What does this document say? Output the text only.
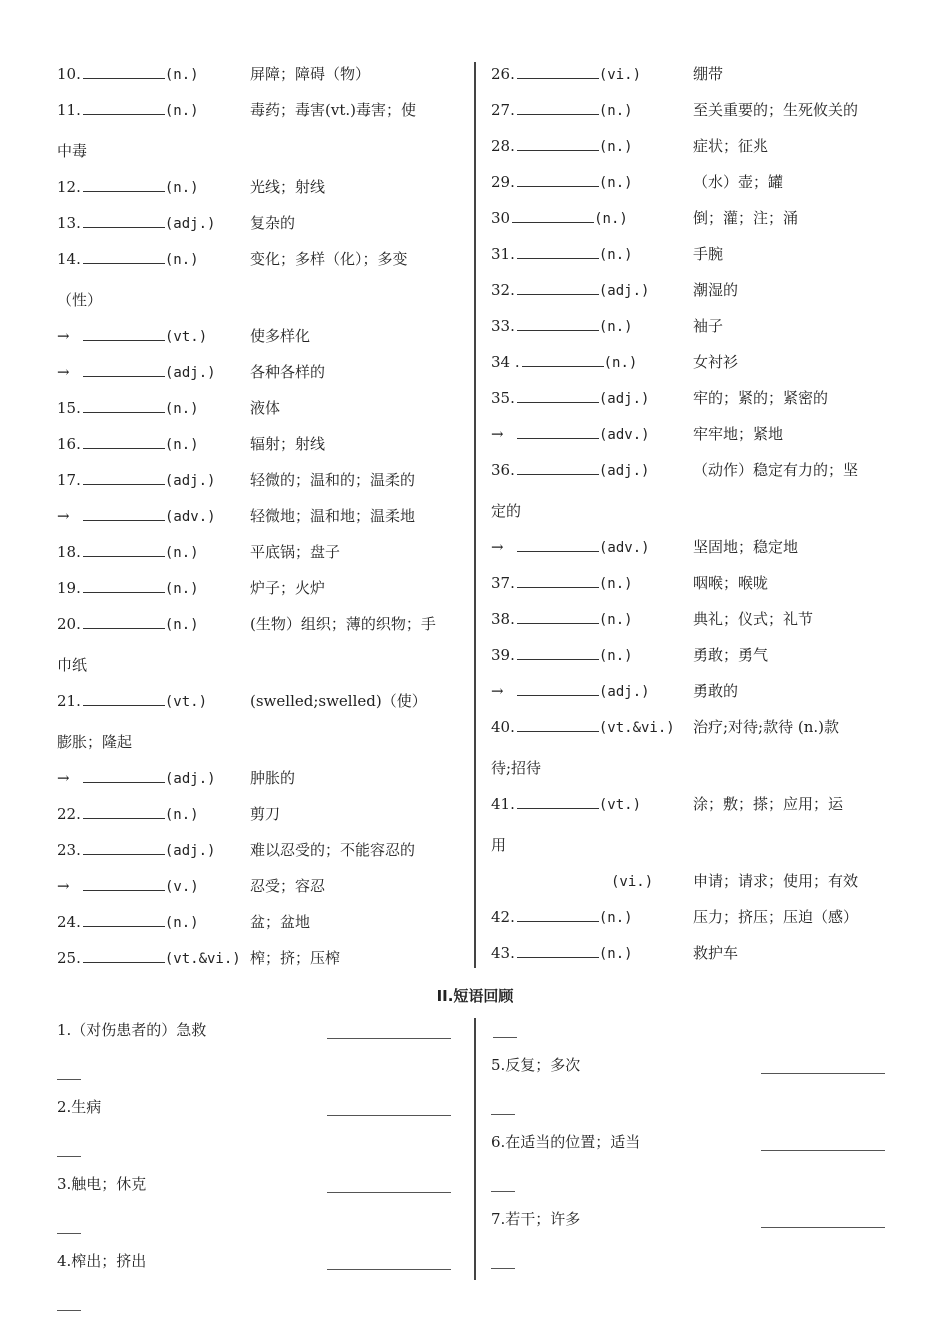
10.	(n.)	屏障；障碍（物）
11.	(n.)	毒药；毒害(vt.)毒害；使
中毒
12.	(n.)	光线；射线
13.	(adj.) 复杂的
14.	(n.)	变化；多样（化）；多变
（性）
→	(vt.)	使多样化
→	(adj.) 各种各样的
15.	(n.)	液体
16.	(n.)	辐射；射线
17.	(adj.) 轻微的；温和的；温柔的
→	(adv.) 轻微地；温和地；温柔地
18.	(n.)	平底锅；盘子
19.	(n.)	炉子；火炉
20.	(n.)	(生物）组织；薄的织物；手
巾纸
21.	(vt.)	(swelled;swelled)（使）
膨胀；隆起
→	(adj.) 肿胀的
22.	(n.)	剪刀
23.	(adj.) 难以忍受的；不能容忍的
→	(v.)	忍受；容忍
24.	(n.)	盆；盆地
25.	(vt.&vi.) 榨；挤；压榨
26.	(vi.)	绷带
27.	(n.)	至关重要的；生死攸关的
28.	(n.)	症状；征兆
29.	(n.)	（水）壶；罐
30	(n.)	倒；灌；注；涌
31.	(n.)	手腕
32.	(adj.)	潮湿的
33.	(n.)	袖子
34 .	(n.)	女衬衫
35.	(adj.)	牢的；紧的；紧密的
→	(adv.)	牢牢地；紧地
36.	(adj.)	（动作）稳定有力的；坚
定的
→	(adv.)	坚固地；稳定地
37.	(n.)	咽喉；喉咙
38.	(n.)	典礼；仪式；礼节
39.	(n.)	勇敢；勇气
→	(adj.)	勇敢的
40.	(vt.&vi.) 治疗;对待;款待 (n.)款
待;招待
41.	(vt.)	涂；敷；搽；应用；运
用
(vi.)	申请；请求；使用；有效
42.	(n.)	压力；挤压；压迫（感）
43.	(n.)	救护车
II.短语回顾
1.（对伤患者的）急救
2.生病
3.触电；休克
4.榨出；挤出
5.反复；多次
6.在适当的位置；适当
7.若干；许多
